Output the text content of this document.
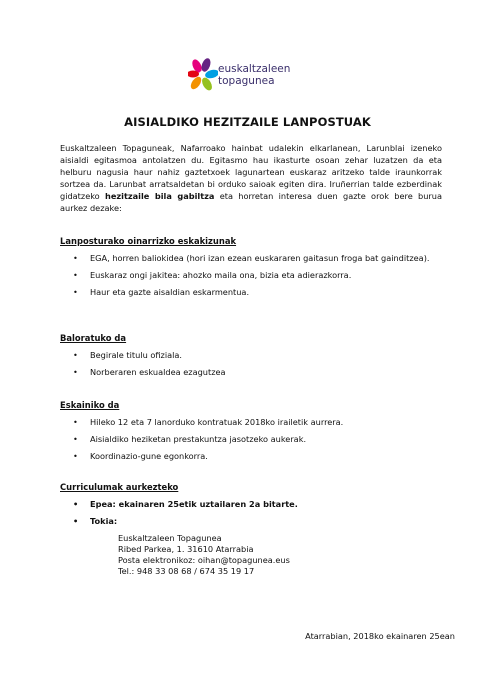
euskaltzaleen
topagunea
AISIALDIKO HEZITZAILE LANPOSTUAK

Euskaltzaleen Topaguneak, Nafarroako hainbat udalekin elkarlanean, Larunblai izeneko aisialdi egitasmoa antolatzen du. Egitasmo hau ikasturte osoan zehar luzatzen da eta helburu nagusia haur nahiz gaztetxoek lagunartean euskaraz aritzeko talde iraunkorrak sortzea da. Larunbat arratsaldetan bi orduko saioak egiten dira. Iruñerrian talde ezberdinak gidatzeko hezitzaile bila gabiltza eta horretan interesa duen gazte orok bere burua aurkez dezake:

Lanposturako oinarrizko eskakizunak

• EGA, horren baliokidea (hori izan ezean euskararen gaitasun froga bat gainditzea).
• Euskaraz ongi jakitea: ahozko maila ona, bizia eta adierazkorra.
• Haur eta gazte aisaldian eskarmentua.

Baloratuko da

• Begirale titulu ofiziala.
• Norberaren eskualdea ezagutzea

Eskainiko da

• Hileko 12 eta 7 lanorduko kontratuak 2018ko irailetik aurrera.
• Aisialdiko heziketan prestakuntza jasotzeko aukerak.
• Koordinazio-gune egonkorra.

Curriculumak aurkezteko

• Epea: ekainaren 25etik uztailaren 2a bitarte.
• Tokia:
Euskaltzaleen Topagunea
Ribed Parkea, 1. 31610 Atarrabia
Posta elektronikoz: oihan@topagunea.eus
Tel.: 948 33 08 68 / 674 35 19 17
Atarrabian, 2018ko ekainaren 25ean
